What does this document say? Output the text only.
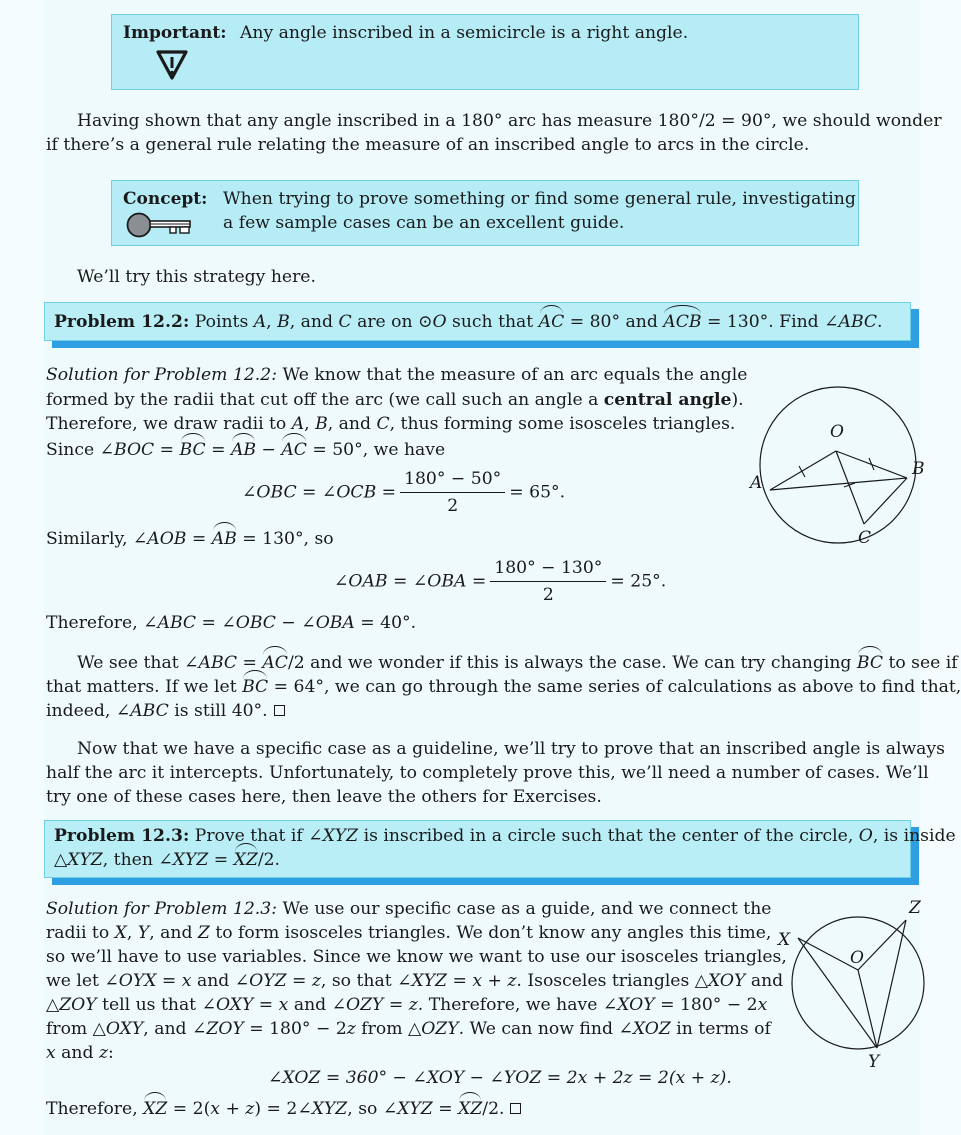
Important: Any angle inscribed in a semicircle is a right angle.
Having shown that any angle inscribed in a 180° arc has measure 180°/2 = 90°, we should wonder
if there’s a general rule relating the measure of an inscribed angle to arcs in the circle.
Concept: When trying to prove something or find some general rule, investigating
a few sample cases can be an excellent guide.
We’ll try this strategy here.
Problem 12.2: Points A, B, and C are on ⊙O such that AC = 80° and ACB = 130°. Find ∠ABC.
Solution for Problem 12.2: We know that the measure of an arc equals the angle
formed by the radii that cut off the arc (we call such an angle a central angle).
Therefore, we draw radii to A, B, and C, thus forming some isosceles triangles.
Since ∠BOC = BC = AB − AC = 50°, we have
∠OBC = ∠OCB = $\frac{180^\circ - 50^\circ}{2} = 65^\circ$.
Similarly, ∠AOB = AB = 130°, so
∠OAB = ∠OBA = $\frac{180^\circ - 130^\circ}{2} = 25^\circ$.
Therefore, ∠ABC = ∠OBC − ∠OBA = 40°.
O
A
B
C
We see that ∠ABC = AC/2 and we wonder if this is always the case. We can try changing BC to see if
that matters. If we let BC = 64°, we can go through the same series of calculations as above to find that,
indeed, ∠ABC is still 40°.
Now that we have a specific case as a guideline, we’ll try to prove that an inscribed angle is always
half the arc it intercepts. Unfortunately, to completely prove this, we’ll need a number of cases. We’ll
try one of these cases here, then leave the others for Exercises.
Problem 12.3: Prove that if ∠XYZ is inscribed in a circle such that the center of the circle, O, is inside
△XYZ, then ∠XYZ = XZ/2.
Solution for Problem 12.3: We use our specific case as a guide, and we connect the
radii to X, Y, and Z to form isosceles triangles. We don’t know any angles this time,
so we’ll have to use variables. Since we know we want to use our isosceles triangles,
we let ∠OYX = x and ∠OYZ = z, so that ∠XYZ = x + z. Isosceles triangles △XOY and
△ZOY tell us that ∠OXY = x and ∠OZY = z. Therefore, we have ∠XOY = 180° − 2x
from △OXY, and ∠ZOY = 180° − 2z from △OZY. We can now find ∠XOZ in terms of
x and z:
∠XOZ = 360° − ∠XOY − ∠YOZ = 2x + 2z = 2(x + z).
Therefore, XZ = 2(x + z) = 2∠XYZ, so ∠XYZ = XZ/2.
X
Z
O
Y
